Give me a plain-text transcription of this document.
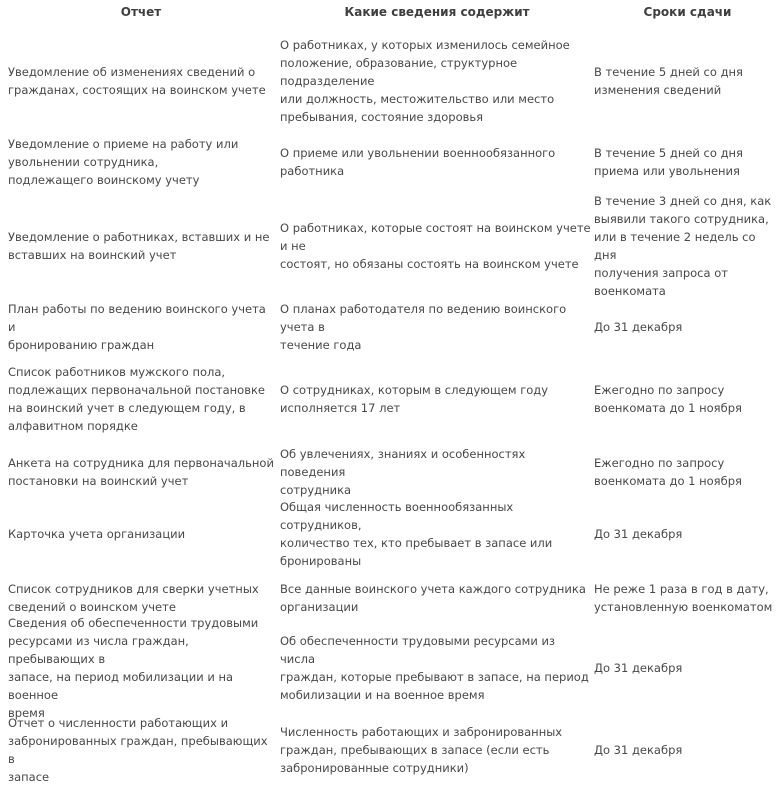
Отчет	Какие сведения содержит	Сроки сдачи
Уведомление об изменениях сведений о
гражданах, состоящих на воинском учете
О работниках, у которых изменилось семейное
положение, образование, структурное подразделение
или должность, местожительство или место
пребывания, состояние здоровья
В течение 5 дней со дня
изменения сведений
Уведомление о приеме на работу или
увольнении сотрудника,
подлежащего воинскому учету
О приеме или увольнении военнообязанного
работника
В течение 5 дней со дня
приема или увольнения
Уведомление о работниках, вставших и не
вставших на воинский учет
О работниках, которые состоят на воинском учете и не
состоят, но обязаны состоять на воинском учете
В течение 3 дней со дня, как
выявили такого сотрудника,
или в течение 2 недель со дня
получения запроса от
военкомата
План работы по ведению воинского учета и
бронированию граждан
О планах работодателя по ведению воинского учета в
течение года
До 31 декабря
Список работников мужского пола,
подлежащих первоначальной постановке
на воинский учет в следующем году, в
алфавитном порядке
О сотрудниках, которым в следующем году
исполняется 17 лет
Ежегодно по запросу
военкомата до 1 ноября
Анкета на сотрудника для первоначальной
постановки на воинский учет
Об увлечениях, знаниях и особенностях поведения
сотрудника
Ежегодно по запросу
военкомата до 1 ноября
Карточка учета организации
Общая численность военнообязанных сотрудников,
количество тех, кто пребывает в запасе или
бронированы
До 31 декабря
Список сотрудников для сверки учетных
сведений о воинском учете
Все данные воинского учета каждого сотрудника
организации
Не реже 1 раза в год в дату,
установленную военкоматом
Сведения об обеспеченности трудовыми
ресурсами из числа граждан, пребывающих в
запасе, на период мобилизации и на военное
время
Об обеспеченности трудовыми ресурсами из числа
граждан, которые пребывают в запасе, на период
мобилизации и на военное время
До 31 декабря
Отчет о численности работающих и
забронированных граждан, пребывающих в
запасе
Численность работающих и забронированных
граждан, пребывающих в запасе (если есть
забронированные сотрудники)
До 31 декабря
